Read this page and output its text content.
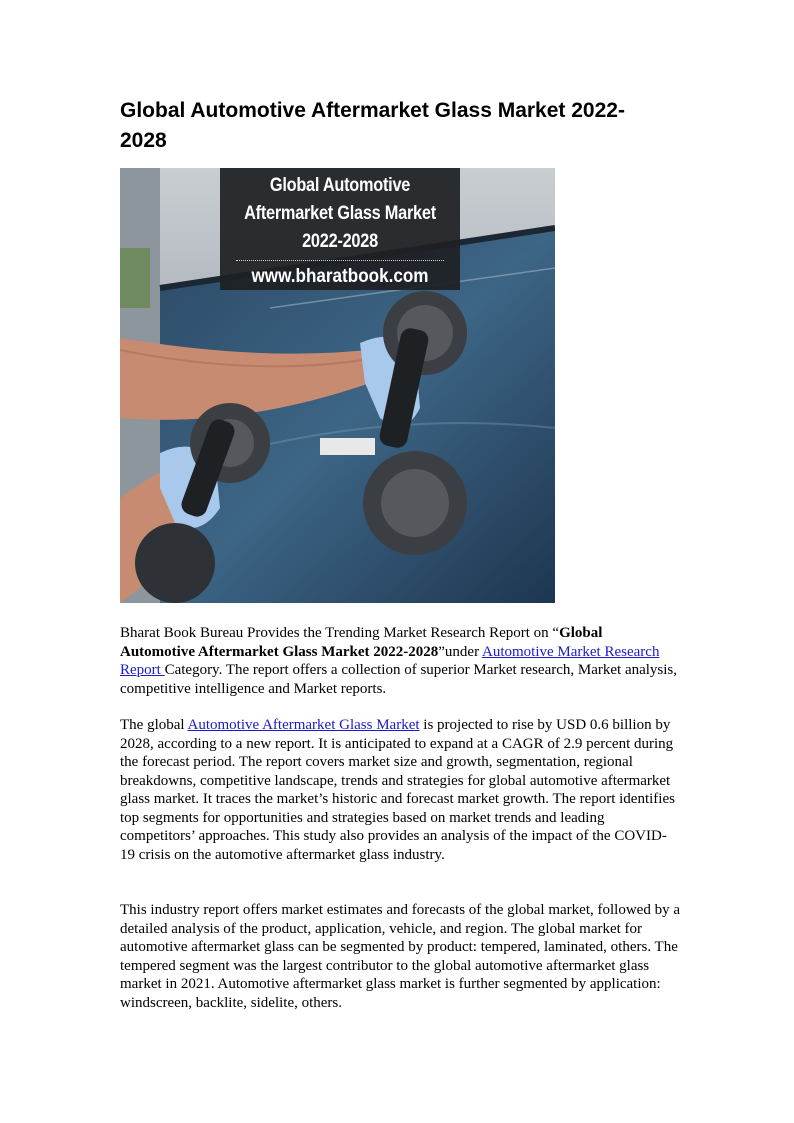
Global Automotive Aftermarket Glass Market 2022-2028
Global Automotive Aftermarket Glass Market 2022-2028
www.bharatbook.com

Bharat Book Bureau Provides the Trending Market Research Report on “Global Automotive Aftermarket Glass Market 2022-2028”under Automotive Market Research Report Category. The report offers a collection of superior Market research, Market analysis, competitive intelligence and Market reports.

The global Automotive Aftermarket Glass Market is projected to rise by USD 0.6 billion by 2028, according to a new report. It is anticipated to expand at a CAGR of 2.9 percent during the forecast period. The report covers market size and growth, segmentation, regional breakdowns, competitive landscape, trends and strategies for global automotive aftermarket glass market. It traces the market’s historic and forecast market growth. The report identifies top segments for opportunities and strategies based on market trends and leading competitors’ approaches. This study also provides an analysis of the impact of the COVID-19 crisis on the automotive aftermarket glass industry.

This industry report offers market estimates and forecasts of the global market, followed by a detailed analysis of the product, application, vehicle, and region. The global market for automotive aftermarket glass can be segmented by product: tempered, laminated, others. The tempered segment was the largest contributor to the global automotive aftermarket glass market in 2021. Automotive aftermarket glass market is further segmented by application: windscreen, backlite, sidelite, others.
